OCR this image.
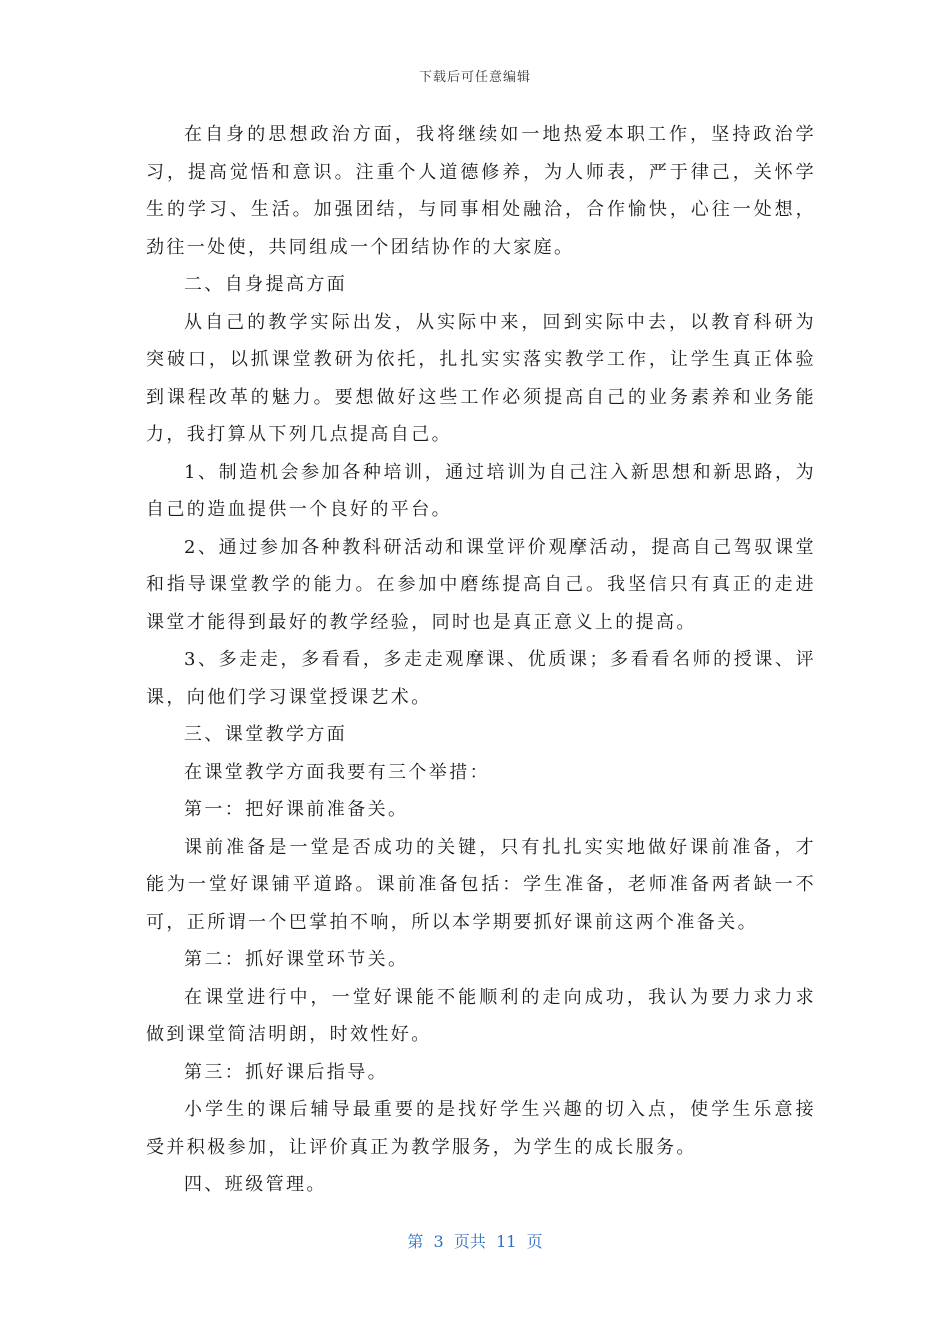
下载后可任意编辑

在自身的思想政治方面，我将继续如一地热爱本职工作，坚持政治学习，提高觉悟和意识。注重个人道德修养，为人师表，严于律己，关怀学生的学习、生活。加强团结，与同事相处融洽，合作愉快，心往一处想，劲往一处使，共同组成一个团结协作的大家庭。

二、自身提高方面

从自己的教学实际出发，从实际中来，回到实际中去，以教育科研为突破口，以抓课堂教研为依托，扎扎实实落实教学工作，让学生真正体验到课程改革的魅力。要想做好这些工作必须提高自己的业务素养和业务能力，我打算从下列几点提高自己。

1、制造机会参加各种培训，通过培训为自己注入新思想和新思路，为自己的造血提供一个良好的平台。

2、通过参加各种教科研活动和课堂评价观摩活动，提高自己驾驭课堂和指导课堂教学的能力。在参加中磨练提高自己。我坚信只有真正的走进课堂才能得到最好的教学经验，同时也是真正意义上的提高。

3、多走走，多看看，多走走观摩课、优质课；多看看名师的授课、评课，向他们学习课堂授课艺术。

三、课堂教学方面

在课堂教学方面我要有三个举措：

第一：把好课前准备关。

课前准备是一堂是否成功的关键，只有扎扎实实地做好课前准备，才能为一堂好课铺平道路。课前准备包括：学生准备，老师准备两者缺一不可，正所谓一个巴掌拍不响，所以本学期要抓好课前这两个准备关。

第二：抓好课堂环节关。

在课堂进行中，一堂好课能不能顺利的走向成功，我认为要力求力求做到课堂简洁明朗，时效性好。

第三：抓好课后指导。

小学生的课后辅导最重要的是找好学生兴趣的切入点，使学生乐意接受并积极参加，让评价真正为教学服务，为学生的成长服务。

四、班级管理。

第  3  页共  11  页
